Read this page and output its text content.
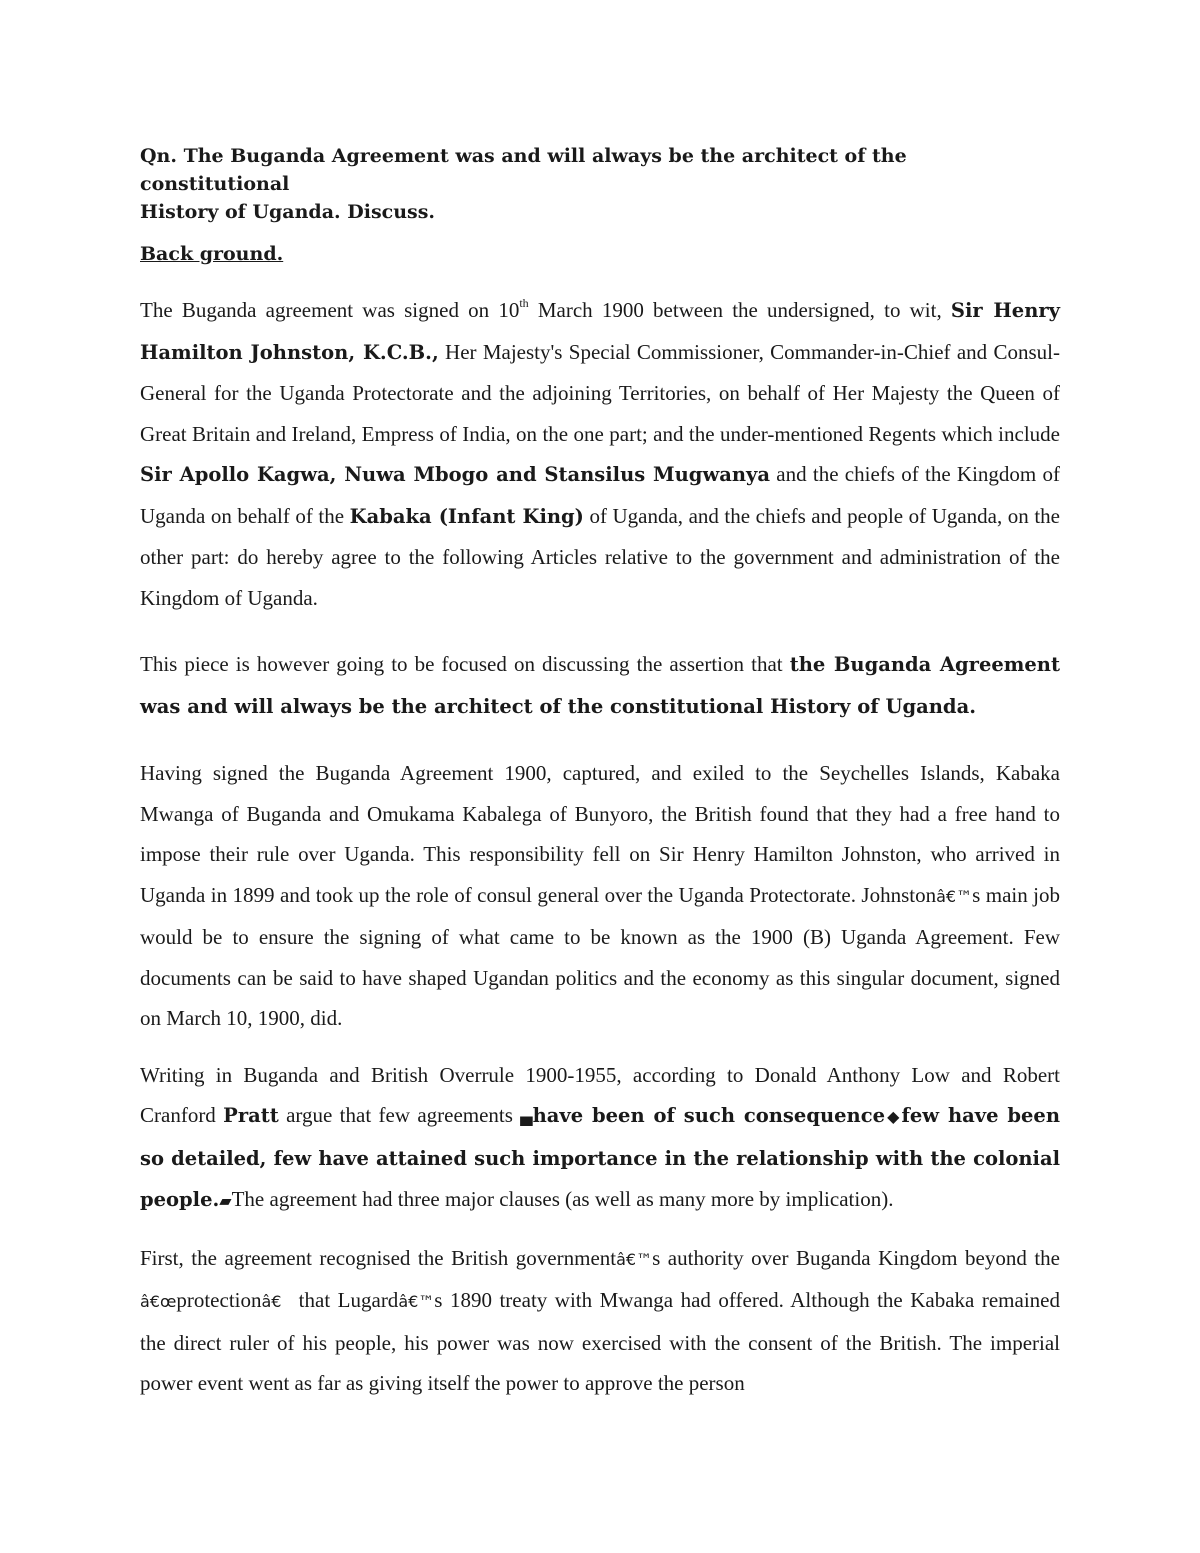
Qn. The Buganda Agreement was and will always be the architect of the constitutional
History of Uganda. Discuss.

Back ground.

The Buganda agreement was signed on 10th March 1900 between the undersigned, to wit, Sir Henry Hamilton Johnston, K.C.B., Her Majesty's Special Commissioner, Commander-in-Chief and Consul-General for the Uganda Protectorate and the adjoining Territories, on behalf of Her Majesty the Queen of Great Britain and Ireland, Empress of India, on the one part; and the under-mentioned Regents which include Sir Apollo Kagwa, Nuwa Mbogo and Stansilus Mugwanya and the chiefs of the Kingdom of Uganda on behalf of the Kabaka (Infant King) of Uganda, and the chiefs and people of Uganda, on the other part: do hereby agree to the following Articles relative to the government and administration of the Kingdom of Uganda.

This piece is however going to be focused on discussing the assertion that the Buganda Agreement was and will always be the architect of the constitutional History of Uganda.

Having signed the Buganda Agreement 1900, captured, and exiled to the Seychelles Islands, Kabaka Mwanga of Buganda and Omukama Kabalega of Bunyoro, the British found that they had a free hand to impose their rule over Uganda. This responsibility fell on Sir Henry Hamilton Johnston, who arrived in Uganda in 1899 and took up the role of consul general over the Uganda Protectorate. Johnstonâ€™s main job would be to ensure the signing of what came to be known as the 1900 (B) Uganda Agreement. Few documents can be said to have shaped Ugandan politics and the economy as this singular document, signed on March 10, 1900, did.

Writing in Buganda and British Overrule 1900-1955, according to Donald Anthony Low and Robert Cranford Pratt argue that few agreements ▄have been of such consequence◆few have been so detailed, few have attained such importance in the relationship with the colonial people.▰The agreement had three major clauses (as well as many more by implication).

First, the agreement recognised the British governmentâ€™s authority over Buganda Kingdom beyond the â€œprotectionâ€ that Lugardâ€™s 1890 treaty with Mwanga had offered. Although the Kabaka remained the direct ruler of his people, his power was now exercised with the consent of the British. The imperial power event went as far as giving itself the power to approve the person
